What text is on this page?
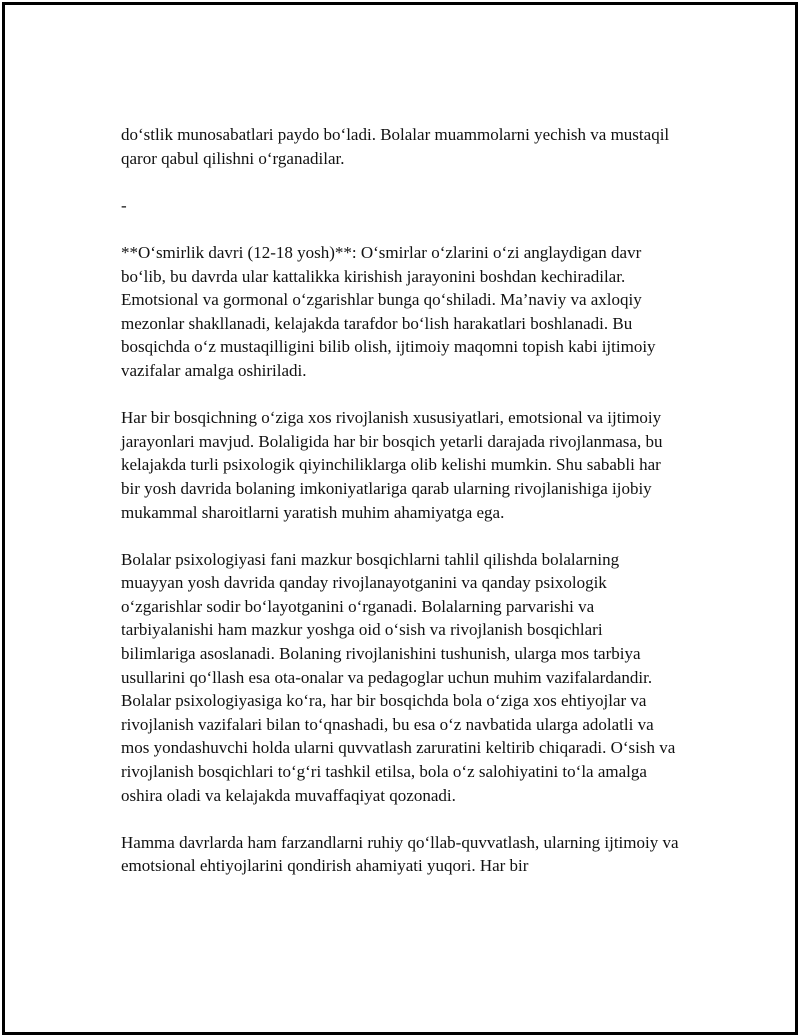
do‘stlik munosabatlari paydo bo‘ladi. Bolalar muammolarni yechish va mustaqil qaror qabul qilishni o‘rganadilar.

-

**O‘smirlik davri (12-18 yosh)**: O‘smirlar o‘zlarini o‘zi anglaydigan davr bo‘lib, bu davrda ular kattalikka kirishish jarayonini boshdan kechiradilar. Emotsional va gormonal o‘zgarishlar bunga qo‘shiladi. Ma’naviy va axloqiy mezonlar shakllanadi, kelajakda tarafdor bo‘lish harakatlari boshlanadi. Bu bosqichda o‘z mustaqilligini bilib olish, ijtimoiy maqomni topish kabi ijtimoiy vazifalar amalga oshiriladi.

Har bir bosqichning o‘ziga xos rivojlanish xususiyatlari, emotsional va ijtimoiy jarayonlari mavjud. Bolaligida har bir bosqich yetarli darajada rivojlanmasa, bu kelajakda turli psixologik qiyinchiliklarga olib kelishi mumkin. Shu sababli har bir yosh davrida bolaning imkoniyatlariga qarab ularning rivojlanishiga ijobiy mukammal sharoitlarni yaratish muhim ahamiyatga ega.

Bolalar psixologiyasi fani mazkur bosqichlarni tahlil qilishda bolalarning muayyan yosh davrida qanday rivojlanayotganini va qanday psixologik o‘zgarishlar sodir bo‘layotganini o‘rganadi. Bolalarning parvarishi va tarbiyalanishi ham mazkur yoshga oid o‘sish va rivojlanish bosqichlari bilimlariga asoslanadi. Bolaning rivojlanishini tushunish, ularga mos tarbiya usullarini qo‘llash esa ota-onalar va pedagoglar uchun muhim vazifalardandir. Bolalar psixologiyasiga ko‘ra, har bir bosqichda bola o‘ziga xos ehtiyojlar va rivojlanish vazifalari bilan to‘qnashadi, bu esa o‘z navbatida ularga adolatli va mos yondashuvchi holda ularni quvvatlash zaruratini keltirib chiqaradi. O‘sish va rivojlanish bosqichlari to‘g‘ri tashkil etilsa, bola o‘z salohiyatini to‘la amalga oshira oladi va kelajakda muvaffaqiyat qozonadi.

Hamma davrlarda ham farzandlarni ruhiy qo‘llab-quvvatlash, ularning ijtimoiy va emotsional ehtiyojlarini qondirish ahamiyati yuqori. Har bir
